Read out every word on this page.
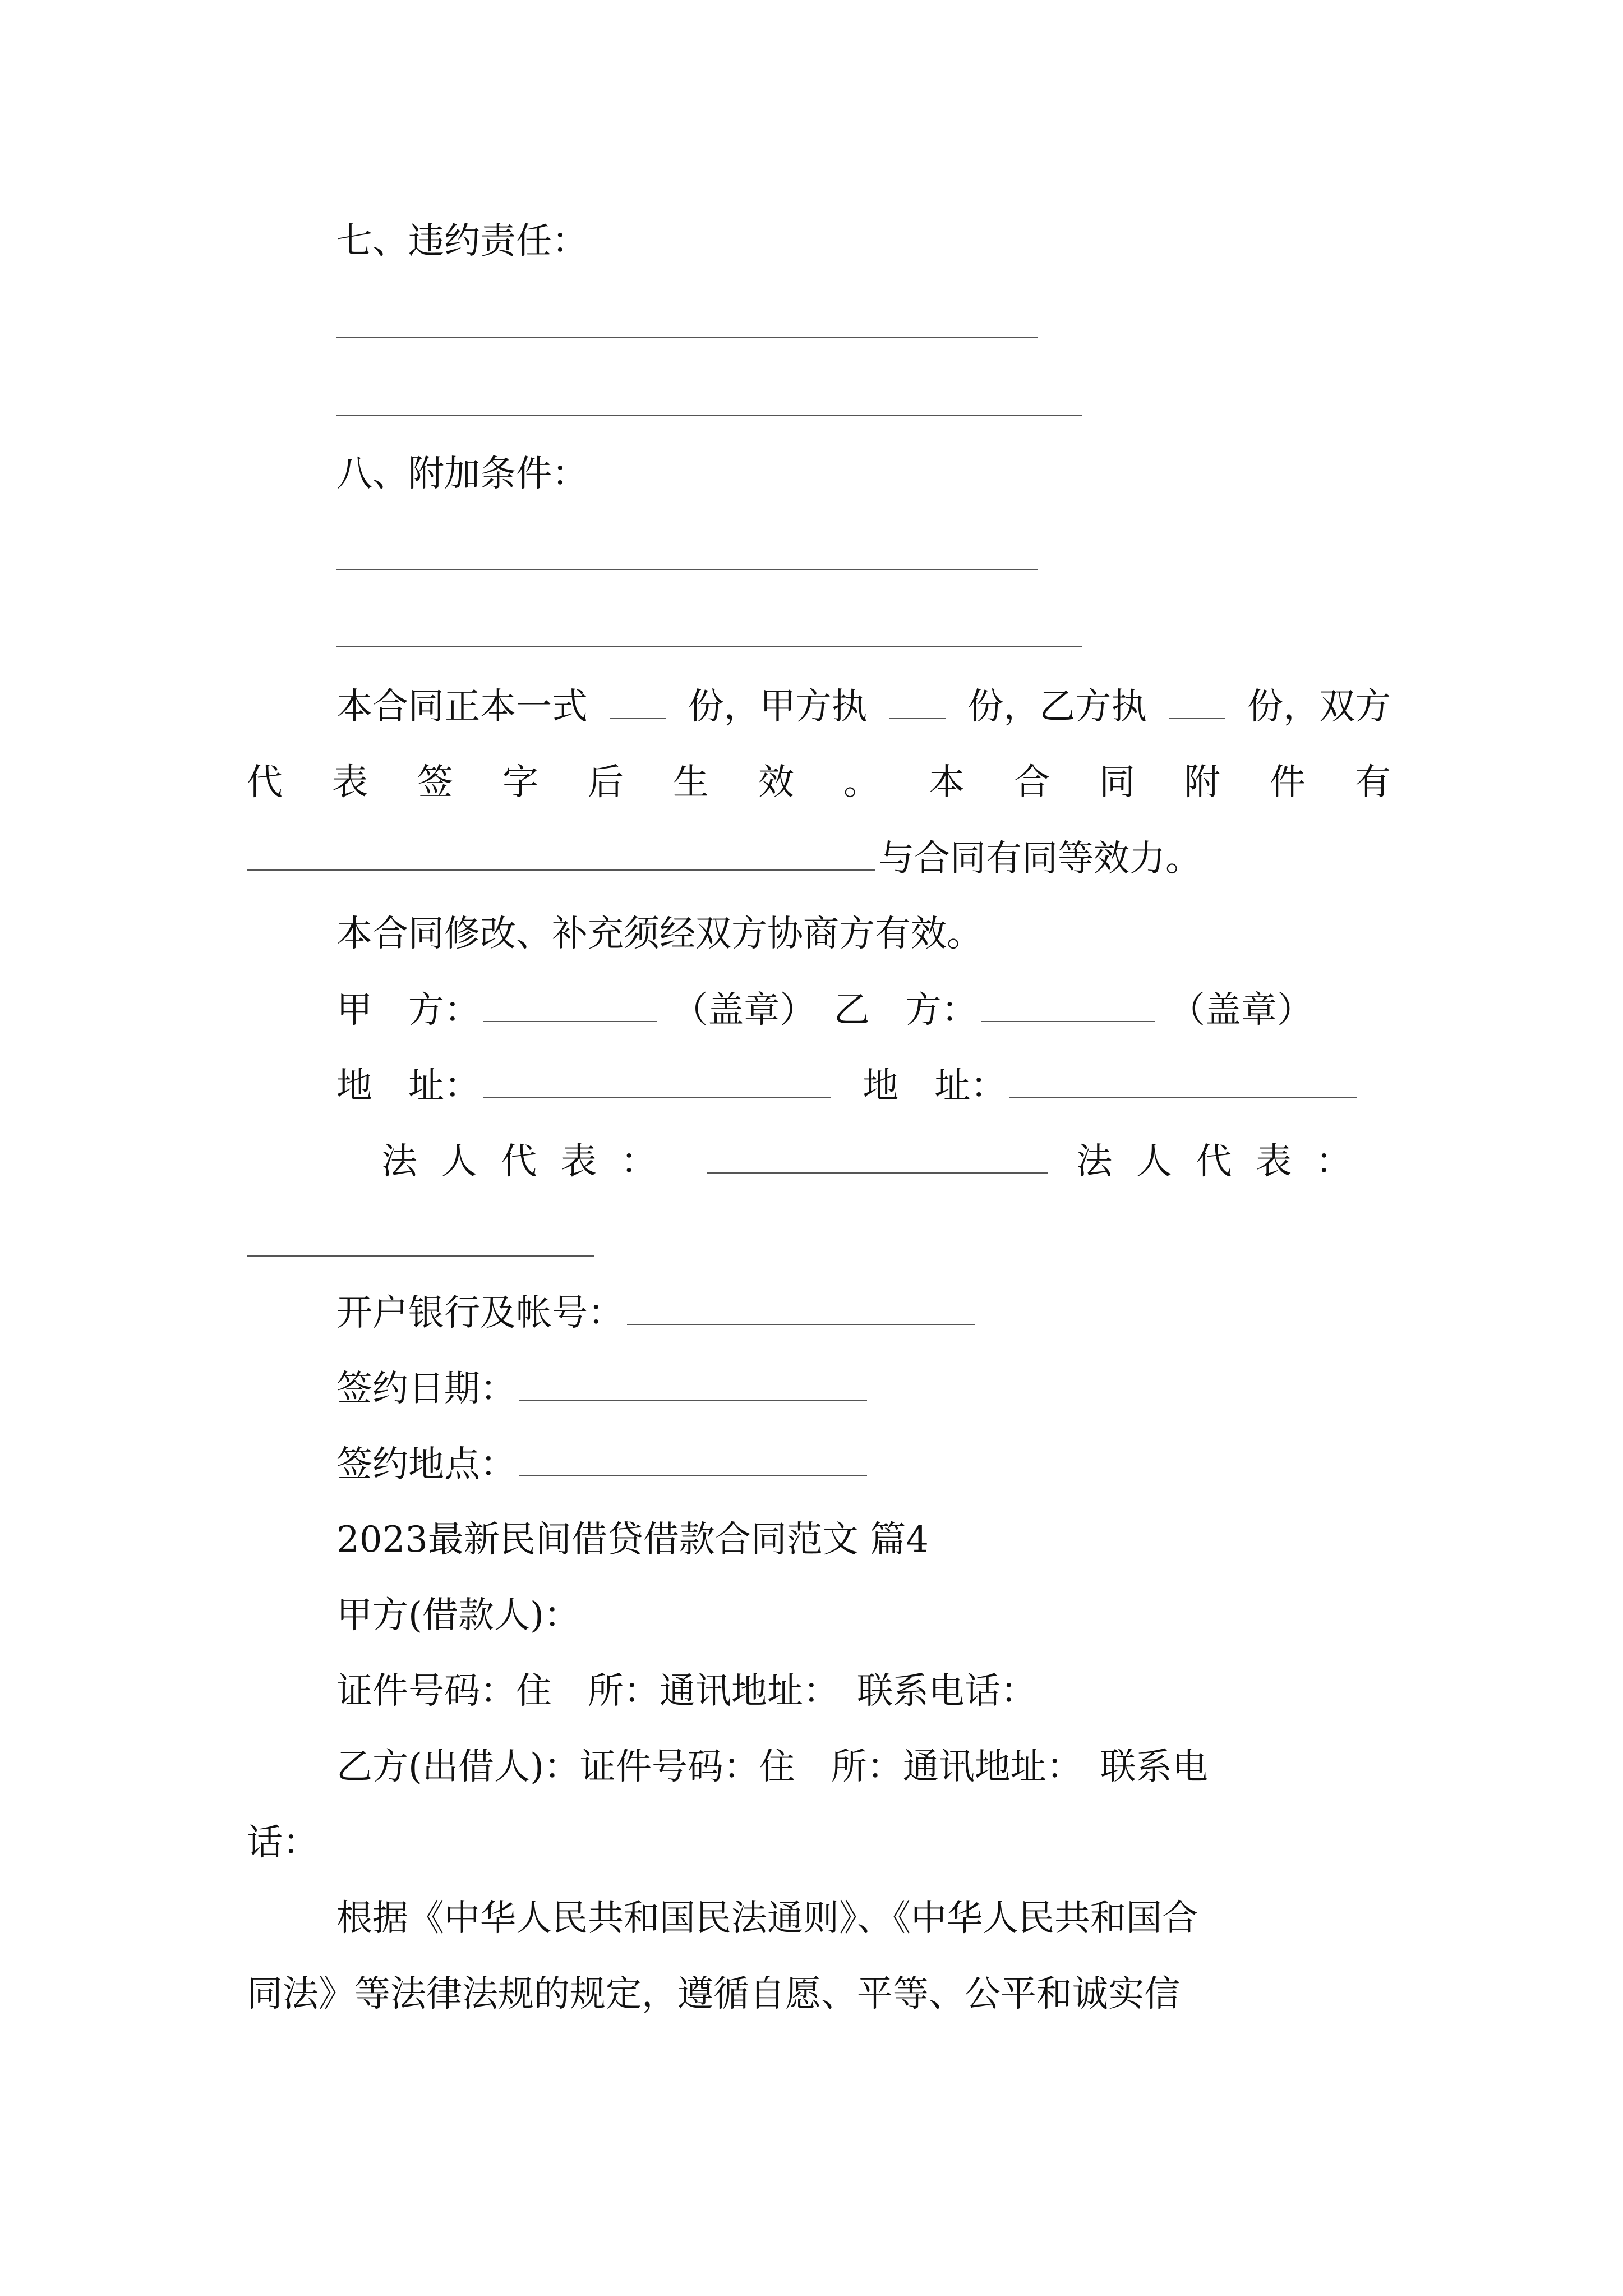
七、违约责任：
八、附加条件：
本合同正本一式	份，甲方执	份，乙方执	份，双方
代 表 签 字 后 生 效 。 本 合 同 附 件 有
与合同有同等效力。
本合同修改、补充须经双方协商方有效。
甲　方：	（盖章） 乙　方：	（盖章）
地　址：	地　址：
法 人 代 表 ：	法 人 代 表 ：
开户银行及帐号：
签约日期：
签约地点：
2023最新民间借贷借款合同范文 篇4
甲方(借款人)：
证件号码：住　所：通讯地址：　联系电话：
乙方(出借人)：证件号码：住　所：通讯地址：　联系电
话：
根据《中华人民共和国民法通则》、《中华人民共和国合
同法》等法律法规的规定，遵循自愿、平等、公平和诚实信
